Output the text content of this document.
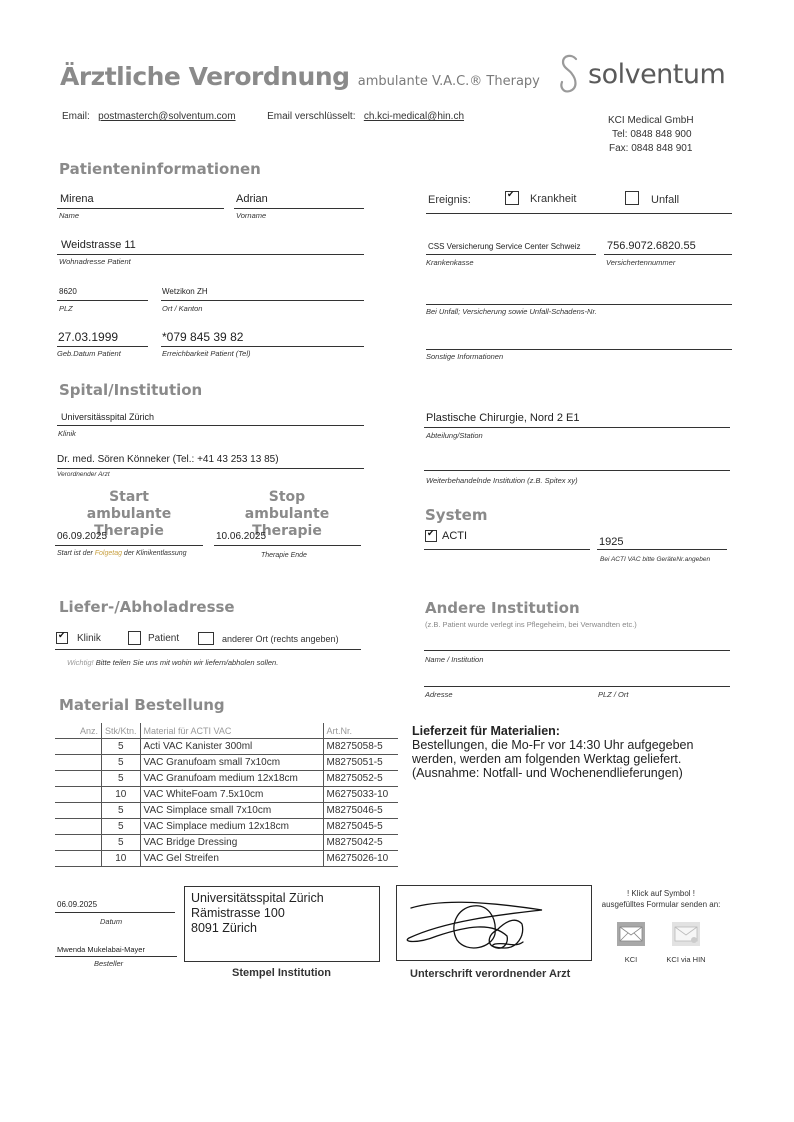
Ärztliche Verordnung ambulante V.A.C.® Therapy solventum
Email: postmasterch@solventum.com	Email verschlüsselt: ch.kci-medical@hin.ch	KCI Medical GmbH
Tel: 0848 848 900
Fax: 0848 848 901
Patienteninformationen
Mirena
Name
Adrian
Vorname
Weidstrasse 11
Wohnadresse Patient
8620
PLZ
Wetzikon ZH
Ort / Kanton
27.03.1999
Geb.Datum Patient
*079 845 39 82
Erreichbarkeit Patient (Tel)
Ereignis: ✔	Krankheit	Unfall
CSS Versicherung Service Center Schweiz
Krankenkasse
756.9072.6820.55
Versichertennummer
Bei Unfall; Versicherung sowie Unfall-Schadens-Nr.
Sonstige Informationen
Spital/Institution
Universitässpital Zürich
Klinik
Dr. med. Sören Könneker (Tel.: +41 43 253 13 85)
Verordnender Arzt
Plastische Chirurgie, Nord 2 E1
Abteilung/Station
Weiterbehandelnde Institution (z.B. Spitex xy)
Start
ambulante Therapie
Stop
ambulante Therapie
06.09.2025
Start ist der Folgetag der Klinikentlassung
10.06.2025
Therapie Ende
System
✔
ACTI	1925
Bei ACTI VAC bitte GeräteNr.angeben
Liefer-/Abholadresse
✔
Klinik	Patient	anderer Ort (rechts angeben)
Wichtig! Bitte teilen Sie uns mit wohin wir liefern/abholen sollen.
Andere Institution
(z.B. Patient wurde verlegt ins Pflegeheim, bei Verwandten etc.)
Name / Institution
Adresse	PLZ / Ort
Material Bestellung
Anz.	Stk/Ktn.	Material für ACTI VAC	Art.Nr.
	5	Acti VAC Kanister 300ml	M8275058-5
	5	VAC Granufoam small 7x10cm	M8275051-5
	5	VAC Granufoam medium 12x18cm	M8275052-5
	10	VAC WhiteFoam 7.5x10cm	M6275033-10
	5	VAC Simplace small 7x10cm	M8275046-5
	5	VAC Simplace medium 12x18cm	M8275045-5
	5	VAC Bridge Dressing	M8275042-5
	10	VAC Gel Streifen	M6275026-10
Lieferzeit für Materialien:
Bestellungen, die Mo-Fr vor 14:30 Uhr aufgegeben
werden, werden am folgenden Werktag geliefert.
(Ausnahme: Notfall- und Wochenendlieferungen)
06.09.2025
Datum
Mwenda Mukelabai-Mayer
Besteller
Universitätsspital Zürich
Rämistrasse 100
8091 Zürich
Stempel Institution	Unterschrift verordnender Arzt
! Klick auf Symbol !
ausgefülltes Formular senden an:
KCI	KCI via HIN
